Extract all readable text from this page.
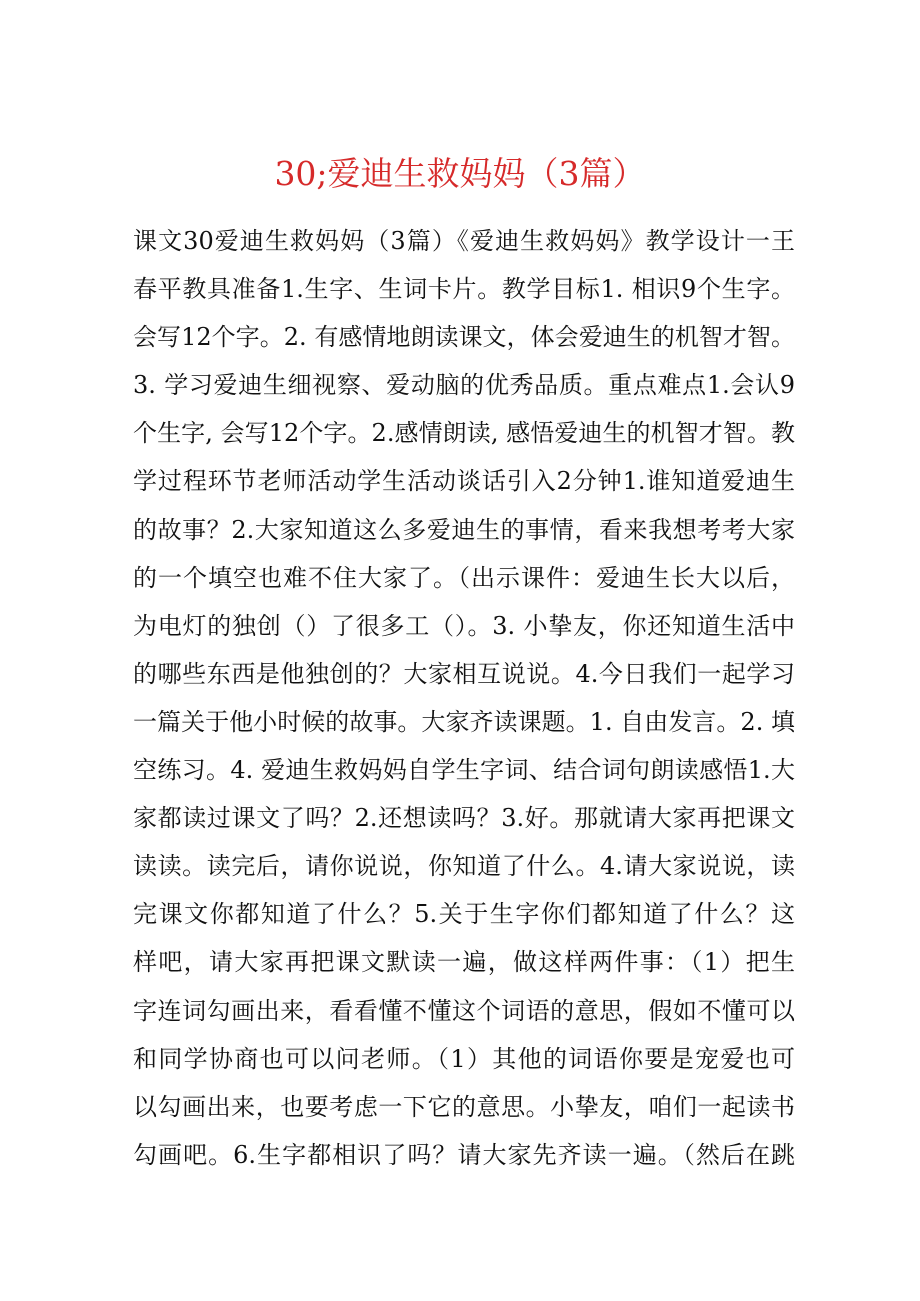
30;爱迪生救妈妈（3篇）
课文30爱迪生救妈妈（3篇）《爱迪生救妈妈》教学设计一王
春平教具准备1.生字、生词卡片。教学目标1. 相识9个生字。
会写12个字。2. 有感情地朗读课文，体会爱迪生的机智才智。
3. 学习爱迪生细视察、爱动脑的优秀品质。重点难点1.会认9
个生字, 会写12个字。2.感情朗读, 感悟爱迪生的机智才智。教
学过程环节老师活动学生活动谈话引入2分钟1.谁知道爱迪生
的故事？2.大家知道这么多爱迪生的事情，看来我想考考大家
的一个填空也难不住大家了。（出示课件：爱迪生长大以后，
为电灯的独创（）了很多工（）。3. 小挚友，你还知道生活中
的哪些东西是他独创的？大家相互说说。4.今日我们一起学习
一篇关于他小时候的故事。大家齐读课题。1. 自由发言。2. 填
空练习。4. 爱迪生救妈妈自学生字词、结合词句朗读感悟1.大
家都读过课文了吗？2.还想读吗？3.好。那就请大家再把课文
读读。读完后，请你说说，你知道了什么。4.请大家说说，读
完课文你都知道了什么？5.关于生字你们都知道了什么？这
样吧，请大家再把课文默读一遍，做这样两件事：（1）把生
字连词勾画出来，看看懂不懂这个词语的意思，假如不懂可以
和同学协商也可以问老师。（1）其他的词语你要是宠爱也可
以勾画出来，也要考虑一下它的意思。小挚友，咱们一起读书
勾画吧。6.生字都相识了吗？请大家先齐读一遍。（然后在跳
